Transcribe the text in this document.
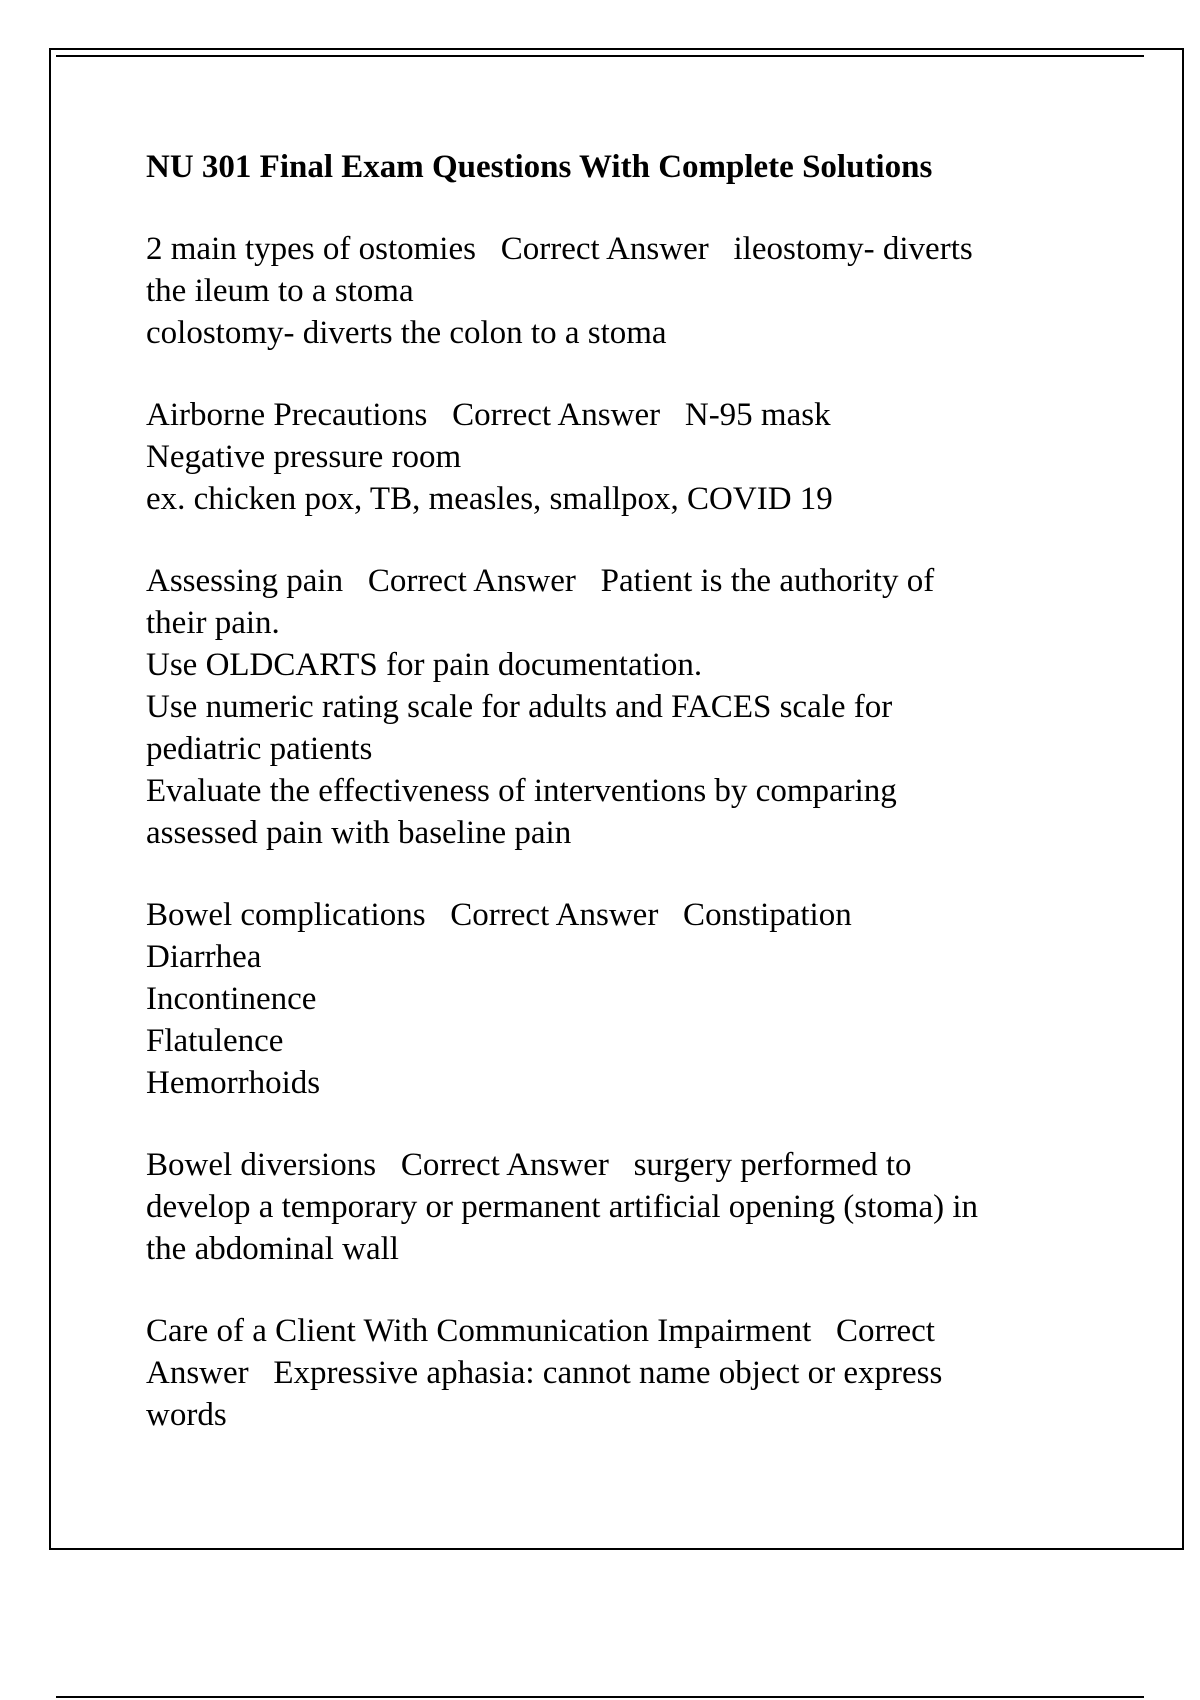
NU 301 Final Exam Questions With Complete Solutions

2 main types of ostomies   Correct Answer   ileostomy- diverts

the ileum to a stoma

colostomy- diverts the colon to a stoma

Airborne Precautions   Correct Answer   N-95 mask

Negative pressure room

ex. chicken pox, TB, measles, smallpox, COVID 19

Assessing pain   Correct Answer   Patient is the authority of

their pain.

Use OLDCARTS for pain documentation.

Use numeric rating scale for adults and FACES scale for

pediatric patients

Evaluate the effectiveness of interventions by comparing

assessed pain with baseline pain

Bowel complications   Correct Answer   Constipation

Diarrhea

Incontinence

Flatulence

Hemorrhoids

Bowel diversions   Correct Answer   surgery performed to

develop a temporary or permanent artificial opening (stoma) in

the abdominal wall

Care of a Client With Communication Impairment   Correct

Answer   Expressive aphasia: cannot name object or express

words
